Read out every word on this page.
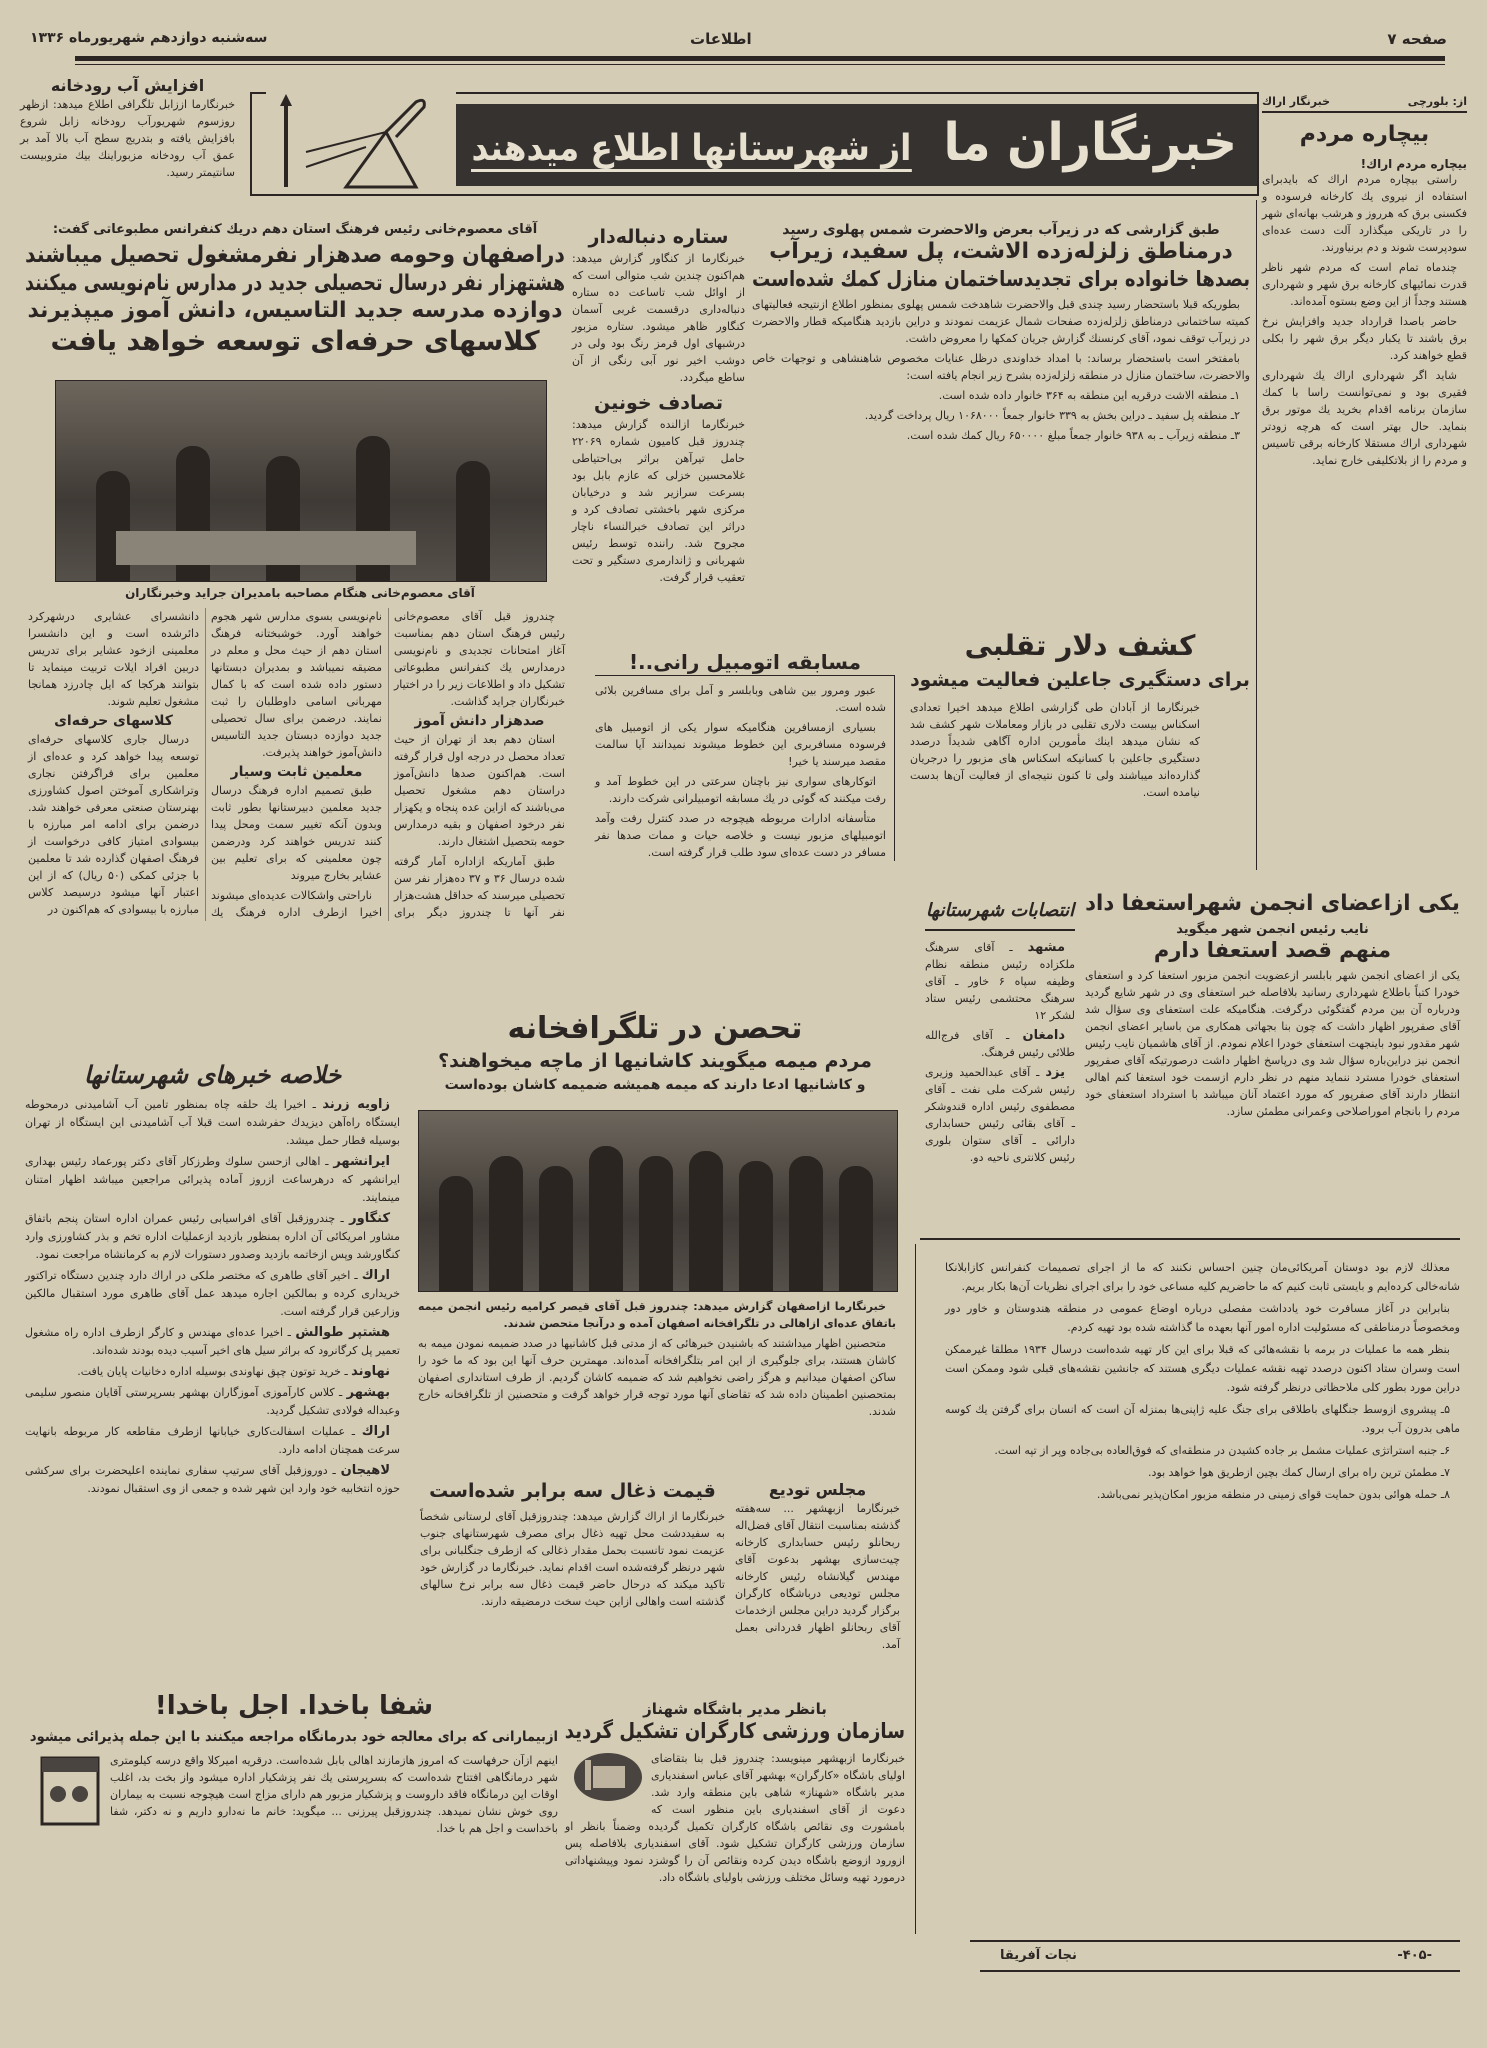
سه‌شنبه دوازدهم شهریورماه ۱۳۳۶	اطلاعات	صفحه ۷
خبرنگاران ما  از شهرستانها اطلاع میدهند
افزایش آب رودخانه
خبرنگارما اززابل تلگرافی اطلاع میدهد: ازظهر روزسوم شهریورآب رودخانه زابل شروع بافزایش یافته و بتدریج سطح آب بالا آمد بر عمق آب رودخانه مزبوراینك بیك متروبیست سانتیمتر رسید.
از: بلورچی
خبرنگار اراك
بیچاره مردم
بیچاره مردم اراك!

راستی بیچاره مردم اراك که بایدبرای استفاده از نیروی یك کارخانه فرسوده و فکسنی برق که هرروز و هرشب بهانه‌ای شهر را در تاریکی میگذارد آلت دست عده‌ای سودپرست شوند و دم برنیاورند.

چندماه تمام است که مردم شهر ناظر قدرت نمائیهای کارخانه برق شهر و شهرداری هستند وجداً از این وضع بستوه آمده‌اند.

حاضر باصدا قرارداد جدید وافزایش نرخ برق باشند تا یکبار دیگر برق شهر را بکلی قطع خواهند کرد.

شاید اگر شهرداری اراك یك شهرداری فقیری بود و نمی‌توانست راسا با کمك سازمان برنامه اقدام بخرید یك موتور برق بنماید. حال بهتر است که هرچه زودتر شهرداری اراك مستقلا کارخانه برقی تاسیس و مردم را از بلاتکلیفی خارج نماید.

آقای معصوم‌خانی رئیس فرهنگ استان دهم دریك کنفرانس مطبوعاتی گفت:
دراصفهان وحومه صدهزار نفرمشغول تحصیل میباشند
هشتهزار نفر درسال تحصیلی جدید در مدارس نام‌نویسی میکنند
دوازده مدرسه جدید التاسیس، دانش آموز میپذیرند
کلاسهای حرفه‌ای توسعه خواهد یافت
آقای معصوم‌خانی هنگام مصاحبه بامدیران جراید وخبرنگاران

چندروز قبل آقای معصوم‌خانی رئیس فرهنگ استان دهم بمناسبت آغاز امتحانات تجدیدی و نام‌نویسی درمدارس یك کنفرانس مطبوعاتی تشکیل داد و اطلاعات زیر را در اختیار خبرنگاران جراید گذاشت.

صدهزار دانش آموز

استان دهم بعد از تهران از حیث تعداد محصل در درجه اول قرار گرفته است. هم‌اکنون صدها دانش‌آموز دراستان دهم مشغول تحصیل می‌باشند که ازاین عده پنجاه و یکهزار نفر درخود اصفهان و بقیه درمدارس حومه بتحصیل اشتغال دارند.

طبق آماریکه ازاداره آمار گرفته شده درسال ۳۶ و ۳۷ ده‌هزار نفر سن تحصیلی میرسند که حداقل هشت‌هزار نفر آنها تا چندروز دیگر برای نام‌نویسی بسوی مدارس شهر هجوم خواهند آورد. خوشبختانه فرهنگ استان دهم از حیث محل و معلم در مضیقه نمیباشد و بمدیران دبستانها دستور داده شده است که با کمال مهربانی اسامی داوطلبان را ثبت نمایند. درضمن برای سال تحصیلی جدید دوازده دبستان جدید التاسیس دانش‌آموز خواهند پذیرفت.

معلمین ثابت وسیار

طبق تصمیم اداره فرهنگ درسال جدید معلمین دبیرستانها بطور ثابت وبدون آنکه تغییر سمت ومحل پیدا کنند تدریس خواهند کرد ودرضمن چون معلمینی که برای تعلیم بین عشایر بخارج میروند

ناراحتی واشکالات عدیده‌ای میشوند اخیرا ازطرف اداره فرهنگ یك دانشسرای عشایری درشهرکرد دائرشده است و این دانشسرا معلمینی ازخود عشایر برای تدریس دربین افراد ایلات تربیت مینماید تا بتوانند هرکجا که ایل چادرزد همانجا مشغول تعلیم شوند.

کلاسهای حرفه‌ای

درسال جاری کلاسهای حرفه‌ای توسعه پیدا خواهد کرد و عده‌ای از معلمین برای فراگرفتن نجاری وتراشکاری آموختن اصول کشاورزی بهنرستان صنعتی معرفی خواهند شد. درضمن برای ادامه امر مبارزه با بیسوادی امتیاز کافی درخواست از فرهنگ اصفهان گذارده شد تا معلمین با جزئی کمکی (۵۰ ریال) که از این اعتبار آنها میشود درسیصد کلاس مبارزه با بیسوادی که هم‌اکنون در

ستاره دنباله‌دار
خبرنگارما از کنگاور گزارش میدهد: هم‌اکنون چندین شب متوالی است که از اوائل شب تاساعت ده ستاره دنباله‌داری درقسمت غربی آسمان کنگاور ظاهر میشود. ستاره مزبور درشبهای اول قرمز رنگ بود ولی در دوشب اخیر نور آبی رنگی از آن ساطع میگردد.
تصادف خونین
خبرنگارما ازالنده گزارش میدهد: چندروز قبل کامیون شماره ۲۲۰۶۹ حامل تیرآهن براثر بی‌احتیاطی غلامحسین خزلی که عازم بابل بود بسرعت سرازیر شد و درخیابان مرکزی شهر باخشتی تصادف کرد و دراثر این تصادف خبرالنساء ناچار مجروح شد. راننده توسط رئیس شهربانی و ژاندارمری دستگیر و تحت تعقیب قرار گرفت.
طبق گزارشی که در زیرآب بعرض والاحضرت شمس پهلوی رسید
درمناطق زلزله‌زده الاشت، پل سفید، زیرآب
بصدها خانواده برای تجدیدساختمان منازل کمك شده‌است

بطوریکه قبلا باستحضار رسید چندی قبل والاحضرت شاهدخت شمس پهلوی بمنظور اطلاع ازنتیجه فعالیتهای کمیته ساختمانی درمناطق زلزله‌زده صفحات شمال عزیمت نمودند و دراین بازدید هنگامیکه قطار والاحضرت در زیرآب توقف نمود، آقای کرنسنك گزارش جریان کمکها را معروض داشت.

بامفتخر است باستحضار برساند: با امداد خداوندی درظل عنایات مخصوص شاهنشاهی و توجهات خاص والاحضرت، ساختمان منازل در منطقه زلزله‌زده بشرح زیر انجام یافته است:

۱ـ منطقه الاشت درقریه این منطقه به ۳۶۴ خانوار داده شده است.

۲ـ منطقه پل سفید ـ دراین بخش به ۳۳۹ خانوار جمعاً ۱۰۶۸۰۰۰ ریال پرداخت گردید.

۳ـ منطقه زیرآب ـ به ۹۳۸ خانوار جمعاً مبلغ ۶۵۰۰۰۰ ریال کمك شده است.

مسابقه اتومبیل رانی..!

عبور ومرور بین شاهی وبابلسر و آمل برای مسافرین بلائی شده است.

بسیاری ازمسافرین هنگامیکه سوار یکی از اتومبیل های فرسوده مسافربری این خطوط میشوند نمیدانند آیا سالمت مقصد میرسند یا خیر!

اتوکارهای سواری نیز باچنان سرعتی در این خطوط آمد و رفت میکنند که گوئی در یك مسابقه اتومبیلرانی شرکت دارند.

متأسفانه ادارات مربوطه هیچوجه در صدد کنترل رفت وآمد اتومبیلهای مزبور نیست و خلاصه حیات و ممات صدها نفر مسافر در دست عده‌ای سود طلب قرار گرفته است.

کشف دلار تقلبی
برای دستگیری جاعلین فعالیت میشود
خبرنگارما از آبادان طی گزارشی اطلاع میدهد اخیرا تعدادی اسکناس بیست دلاری تقلبی در بازار ومعاملات شهر کشف شد که نشان میدهد اینك مأمورین اداره آگاهی شدیداً درصدد دستگیری جاعلین با کسانیکه اسکناس های مزبور را درجریان گذارده‌اند میباشند ولی تا کنون نتیجه‌ای از فعالیت آن‌ها بدست نیامده است.
انتصابات شهرستانها

مشهد ـ آقای سرهنگ ملکزاده رئیس منطقه نظام وظیفه سپاه ۶ خاور ـ آقای سرهنگ محتشمی رئیس ستاد لشکر ۱۲

دامغان ـ آقای فرج‌الله طلائی رئیس فرهنگ.

یزد ـ آقای عبدالحمید وزیری رئیس شرکت ملی نفت ـ آقای مصطفوی رئیس اداره قندوشکر ـ آقای بقائی رئیس حسابداری دارائی ـ آقای ستوان بلوری رئیس کلانتری ناحیه دو.

یکی ازاعضای انجمن شهراستعفا داد
نایب رئیس انجمن شهر میگوید
منهم قصد استعفا دارم
یکی از اعضای انجمن شهر بابلسر ازعضویت انجمن مزبور استعفا کرد و استعفای خودرا کتباً باطلاع شهرداری رسانید بلافاصله خبر استعفای وی در شهر شایع گردید ودرباره آن بین مردم گفتگوئی درگرفت. هنگامیکه علت استعفای وی سؤال شد آقای صفرپور اظهار داشت که چون بنا بجهاتی همکاری من باسایر اعضای انجمن شهر مقدور نبود باینجهت استعفای خودرا اعلام نمودم. از آقای هاشمیان نایب رئیس انجمن نیز دراین‌باره سؤال شد وی درپاسخ اظهار داشت درصورتیکه آقای صفرپور استعفای خودرا مسترد ننماید منهم در نظر دارم ازسمت خود استعفا کنم اهالی انتظار دارند آقای صفرپور که مورد اعتماد آنان میباشد با استرداد استعفای خود مردم را بانجام اموراصلاحی وعمرانی مطمئن سازد.
تحصن در تلگرافخانه
مردم میمه میگویند کاشانیها از ماچه میخواهند؟
و کاشانیها ادعا دارند که میمه همیشه ضمیمه کاشان بوده‌است

خبرنگارما ازاصفهان گزارش میدهد: چندروز قبل آقای قیصر کرامیه رئیس انجمن میمه باتفاق عده‌ای ازاهالی در تلگرافخانه اصفهان آمده و درآنجا متحصن شدند.

متحصنین اظهار میداشتند که باشنیدن خبرهائی که از مدتی قبل کاشانیها در صدد ضمیمه نمودن میمه به کاشان هستند، برای جلوگیری از این امر بتلگرافخانه آمده‌اند. مهمترین حرف آنها این بود که ما خود را ساکن اصفهان میدانیم و هرگز راضی نخواهیم شد که ضمیمه کاشان گردیم. از طرف استانداری اصفهان بمتحصنین اطمینان داده شد که تقاضای آنها مورد توجه قرار خواهد گرفت و متحصنین از تلگرافخانه خارج شدند.

خلاصه خبرهای شهرستانها

زاویه زرند ـ اخیرا یك حلقه چاه بمنظور تامین آب آشامیدنی درمحوطه ایستگاه راه‌آهن دیزیدك حفرشده است قبلا آب آشامیدنی این ایستگاه از تهران بوسیله قطار حمل میشد.

ایرانشهر ـ اهالی ازحسن سلوك وطرزکار آقای دکتر پورعماد رئیس بهداری ایرانشهر که درهرساعت ازروز آماده پذیرائی مراجعین میباشد اظهار امتنان مینمایند.

کنگاور ـ چندروزقبل آقای افراسیابی رئیس عمران اداره استان پنجم باتفاق مشاور امریکائی آن اداره بمنظور بازدید ازعملیات اداره تخم و بذر کشاورزی وارد کنگاورشد وپس ازخاتمه بازدید وصدور دستورات لازم به کرمانشاه مراجعت نمود.

اراك ـ اخیر آقای طاهری که مختصر ملکی در اراك دارد چندین دستگاه تراکتور خریداری کرده و بمالکین اجاره میدهد عمل آقای طاهری مورد استقبال مالکین وزارعین قرار گرفته است.

هشتپر طوالش ـ اخیرا عده‌ای مهندس و کارگر ازطرف اداره راه مشغول تعمیر پل کرگانرود که براثر سیل های اخیر آسیب دیده بودند شده‌اند.

نهاوند ـ خرید توتون چپق نهاوندی بوسیله اداره دخانیات پایان یافت.

بهشهر ـ کلاس کارآموزی آموزگاران بهشهر بسرپرستی آقایان منصور سلیمی وعبداله فولادی تشکیل گردید.

اراك ـ عملیات اسفالت‌کاری خیابانها ازطرف مقاطعه کار مربوطه بانهایت سرعت همچنان ادامه دارد.

لاهیجان ـ دوروزقبل آقای سرتیپ سفاری نماینده اعلیحضرت برای سرکشی حوزه انتخابیه خود وارد این شهر شده و جمعی از وی استقبال نمودند.	قیمت ذغال سه برابر شده‌است
خبرنگارما از اراك گزارش میدهد: چندروزقبل آقای لرستانی شخصاً به سفیددشت محل تهیه ذغال برای مصرف شهرستانهای جنوب عزیمت نمود تانسبت بحمل مقدار ذغالی که ازطرف جنگلبانی برای شهر درنظر گرفته‌شده است اقدام نماید. خبرنگارما در گزارش خود تاکید میکند که درحال حاضر قیمت ذغال سه برابر نرخ سالهای گذشته است واهالی ازاین حیث سخت درمضیقه دارند.
مجلس تودیع
خبرنگارما ازبهشهر ... سه‌هفته گذشته بمناسبت انتقال آقای فضل‌اله ربحانلو رئیس حسابداری کارخانه چیت‌سازی بهشهر بدعوت آقای مهندس گیلانشاه رئیس کارخانه مجلس تودیعی درباشگاه کارگران برگزار گردید دراین مجلس ازخدمات آقای ربحانلو اظهار قدردانی بعمل آمد.
بانظر مدیر باشگاه شهناز
سازمان ورزشی کارگران تشکیل گردید
خبرنگارما ازبهشهر مینویسد: چندروز قبل بنا بتقاضای اولیای باشگاه «کارگران» بهشهر آقای عباس اسفندیاری مدیر باشگاه «شهناز» شاهی باین منطقه وارد شد. دعوت از آقای اسفندیاری باین منظور است که بامشورت وی نقائص باشگاه کارگران تکمیل گردیده وضمناً بانظر او سازمان ورزشی کارگران تشکیل شود. آقای اسفندیاری بلافاصله پس ازورود ازوضع باشگاه دیدن کرده ونقائص آن را گوشزد نمود وپیشنهاداتی درمورد تهیه وسائل مختلف ورزشی باولیای باشگاه داد.
شفا باخدا. اجل باخدا!
ازبیمارانی که برای معالجه خود بدرمانگاه مراجعه میکنند با این جمله پذیرائی میشود
اینهم ازآن حرفهاست که امروز هازمازند اهالی بابل شده‌است. درقریه امیرکلا واقع درسه کیلومتری شهر درمانگاهی افتتاح شده‌است که بسرپرستی یك نفر پزشکیار اداره میشود واز بخت بد، اغلب اوقات این درمانگاه فاقد داروست و پزشکیار مزبور هم دارای مزاج است هیچوجه نسبت به بیماران روی خوش نشان نمیدهد. چندروزقبل پیرزنی ... میگوید: خانم ما نه‌دارو داریم و نه دکتر، شفا باخداست و اجل هم با خدا.

معذلك لازم بود دوستان آمریکائی‌مان چنین احساس نکنند که ما از اجرای تصمیمات کنفرانس کازابلانکا شانه‌خالی کرده‌ایم و بایستی ثابت کنیم که ما حاضریم کلیه مساعی خود را برای اجرای نظریات آن‌ها بکار بریم.

بنابراین در آغاز مسافرت خود یادداشت مفصلی درباره اوضاع عمومی در منطقه هندوستان و خاور دور ومخصوصاً درمناطقی که مسئولیت اداره امور آنها بعهده ما گذاشته شده بود تهیه کردم.

بنظر همه ما عملیات در برمه با نقشه‌هائی که قبلا برای این کار تهیه شده‌است درسال ۱۹۳۴ مطلقا غیرممکن است وسران ستاد اکنون درصدد تهیه نقشه عملیات دیگری هستند که جانشین نقشه‌های قبلی شود وممکن است دراین مورد بطور کلی ملاحظاتی درنظر گرفته شود.

۵ـ پیشروی ازوسط جنگلهای باطلاقی برای جنگ علیه ژاپنی‌ها بمنزله آن است که انسان برای گرفتن یك کوسه ماهی بدرون آب برود.

۶ـ جنبه استراتژی عملیات مشمل بر جاده کشیدن در منطقه‌ای که فوق‌العاده بی‌جاده وپر از تپه است.

۷ـ مطمئن ترین راه برای ارسال کمك بچین ازطریق هوا خواهد بود.

۸ـ حمله هوائی بدون حمایت قوای زمینی در منطقه مزبور امکان‌پذیر نمی‌باشد.

-۴۰۵-
نجات آفریقا
